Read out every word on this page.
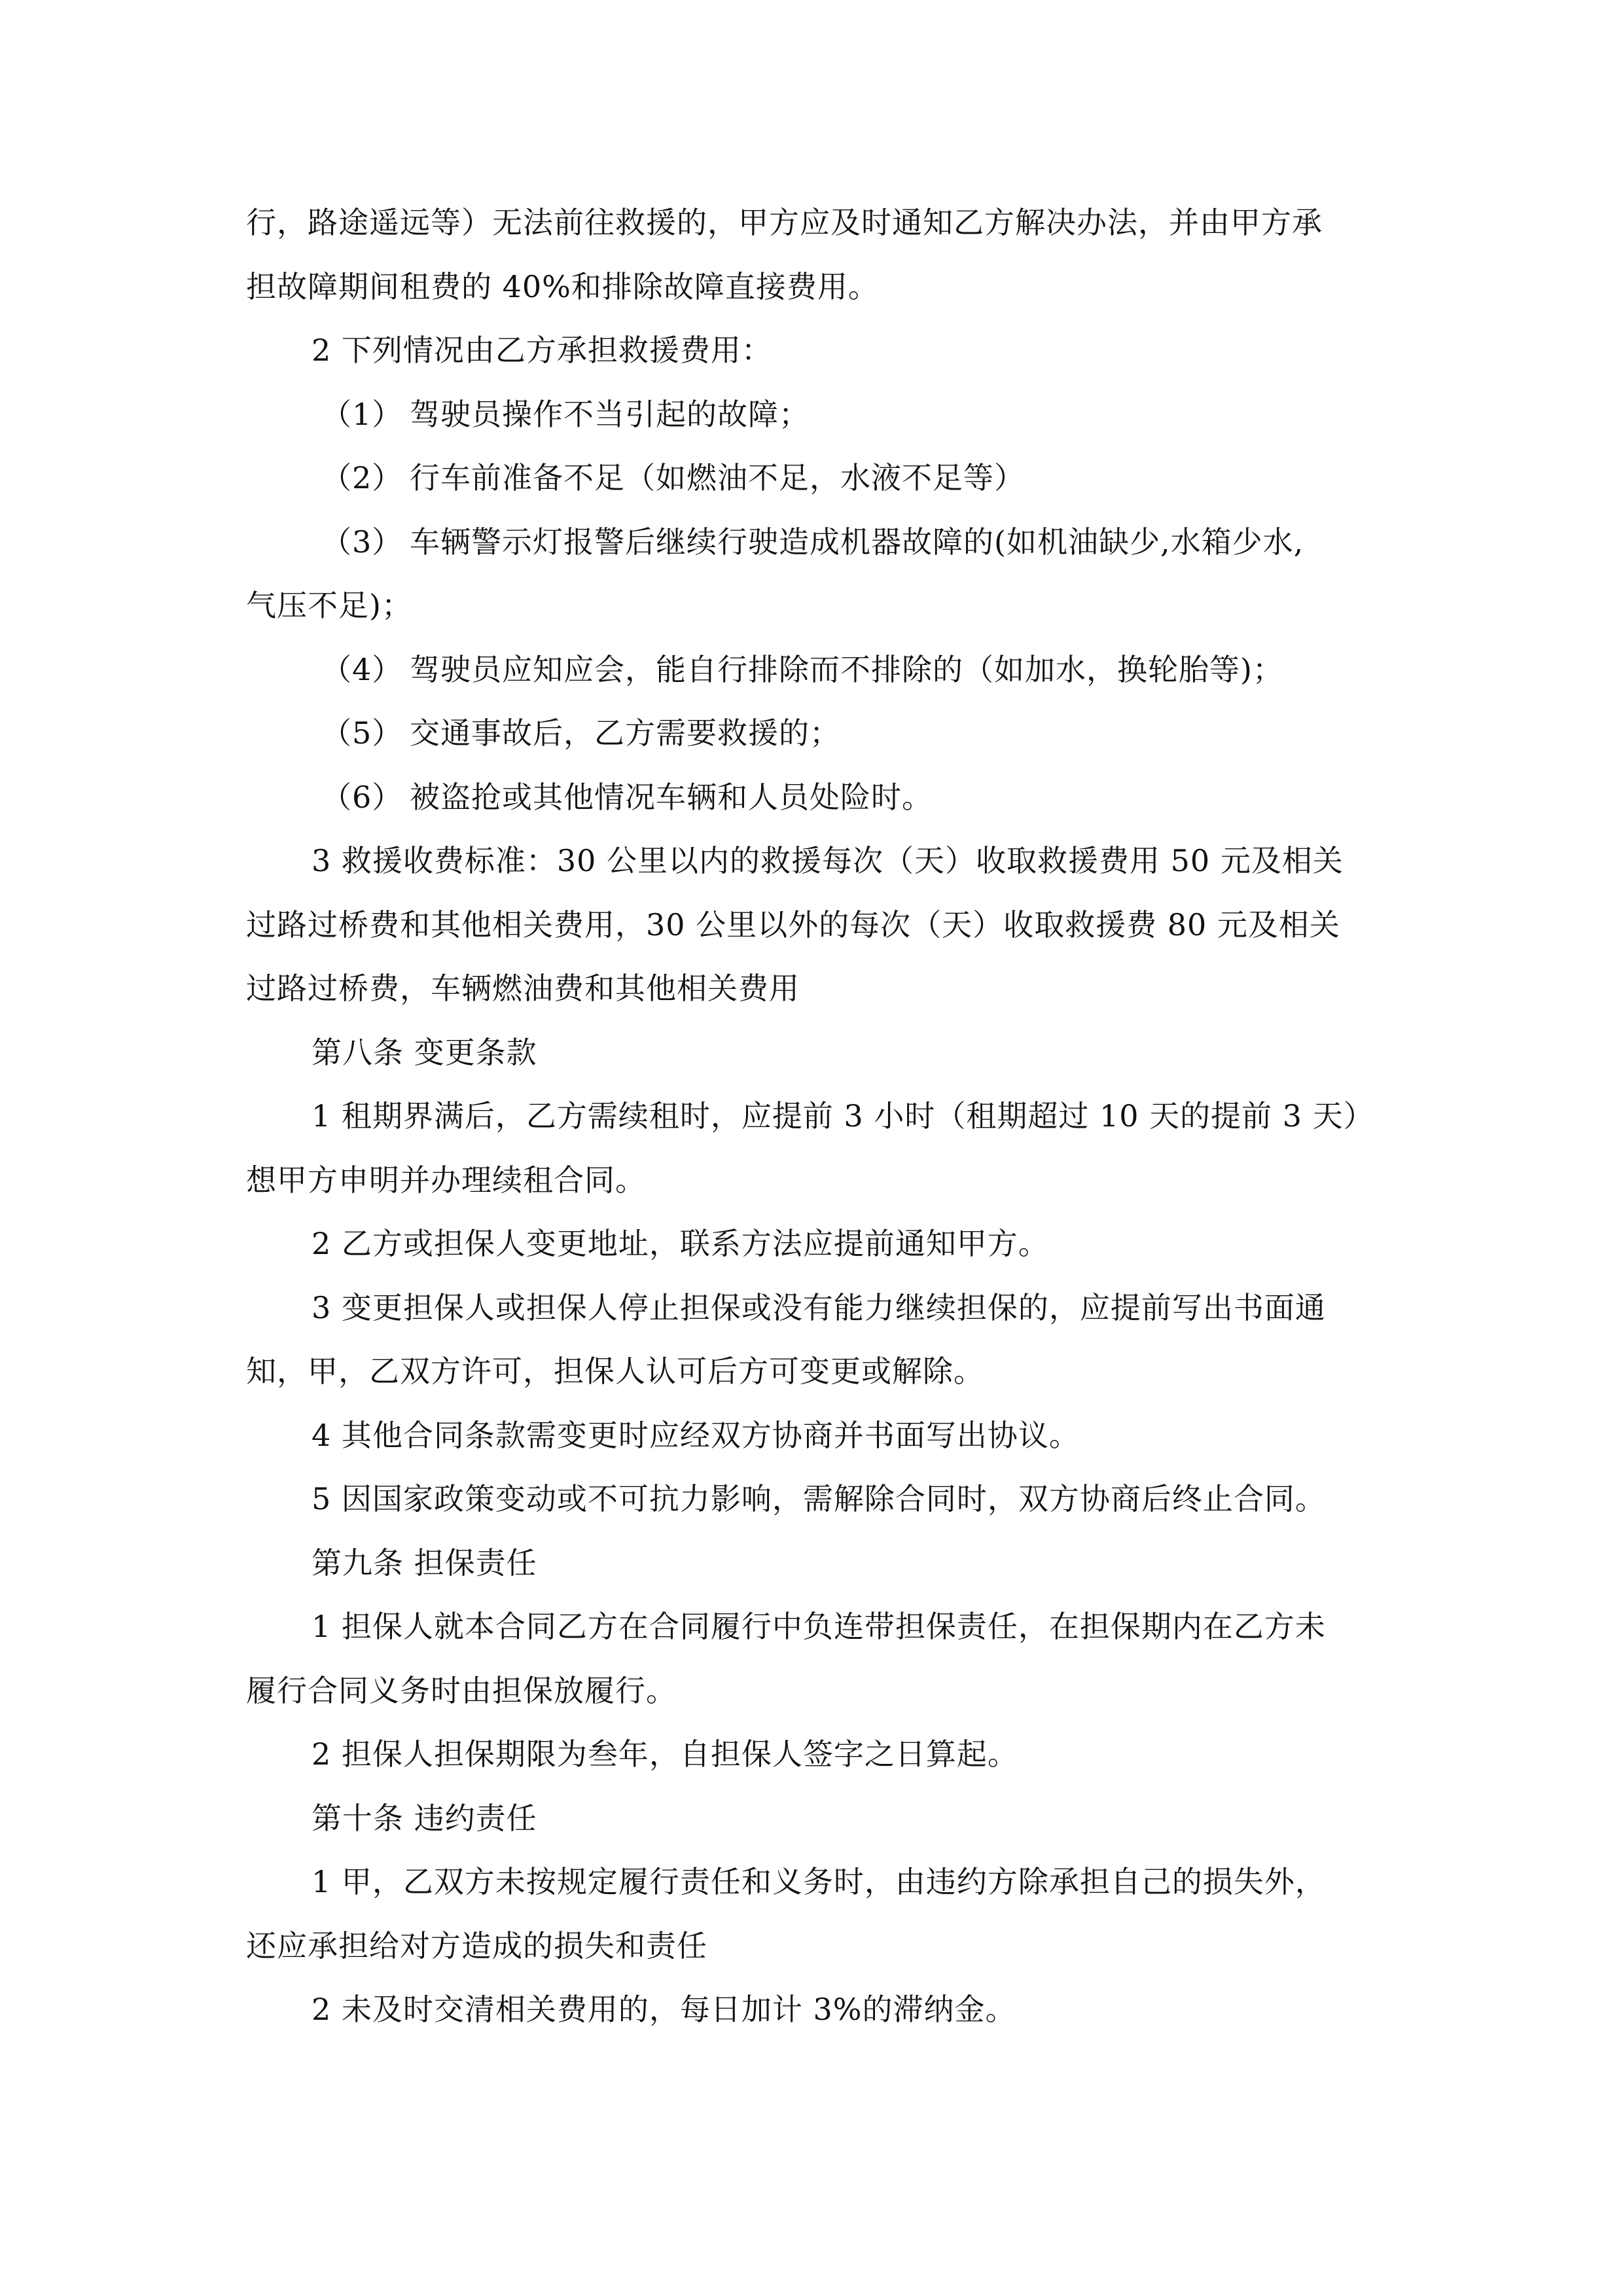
行，路途遥远等）无法前往救援的，甲方应及时通知乙方解决办法，并由甲方承

担故障期间租费的 40%和排除故障直接费用。

2 下列情况由乙方承担救援费用：

（1） 驾驶员操作不当引起的故障；

（2） 行车前准备不足（如燃油不足，水液不足等）

（3） 车辆警示灯报警后继续行驶造成机器故障的(如机油缺少,水箱少水,

气压不足)；

（4） 驾驶员应知应会，能自行排除而不排除的（如加水，换轮胎等)；

（5） 交通事故后，乙方需要救援的；

（6） 被盗抢或其他情况车辆和人员处险时。

3 救援收费标准：30 公里以内的救援每次（天）收取救援费用 50 元及相关

过路过桥费和其他相关费用，30 公里以外的每次（天）收取救援费 80 元及相关

过路过桥费，车辆燃油费和其他相关费用

第八条 变更条款

1 租期界满后，乙方需续租时，应提前 3 小时（租期超过 10 天的提前 3 天）

想甲方申明并办理续租合同。

2 乙方或担保人变更地址，联系方法应提前通知甲方。

3 变更担保人或担保人停止担保或没有能力继续担保的，应提前写出书面通

知，甲，乙双方许可，担保人认可后方可变更或解除。

4 其他合同条款需变更时应经双方协商并书面写出协议。

5 因国家政策变动或不可抗力影响，需解除合同时，双方协商后终止合同。

第九条 担保责任

1 担保人就本合同乙方在合同履行中负连带担保责任，在担保期内在乙方未

履行合同义务时由担保放履行。

2 担保人担保期限为叁年，自担保人签字之日算起。

第十条 违约责任

1 甲，乙双方未按规定履行责任和义务时，由违约方除承担自己的损失外，

还应承担给对方造成的损失和责任

2 未及时交清相关费用的，每日加计 3%的滞纳金。
